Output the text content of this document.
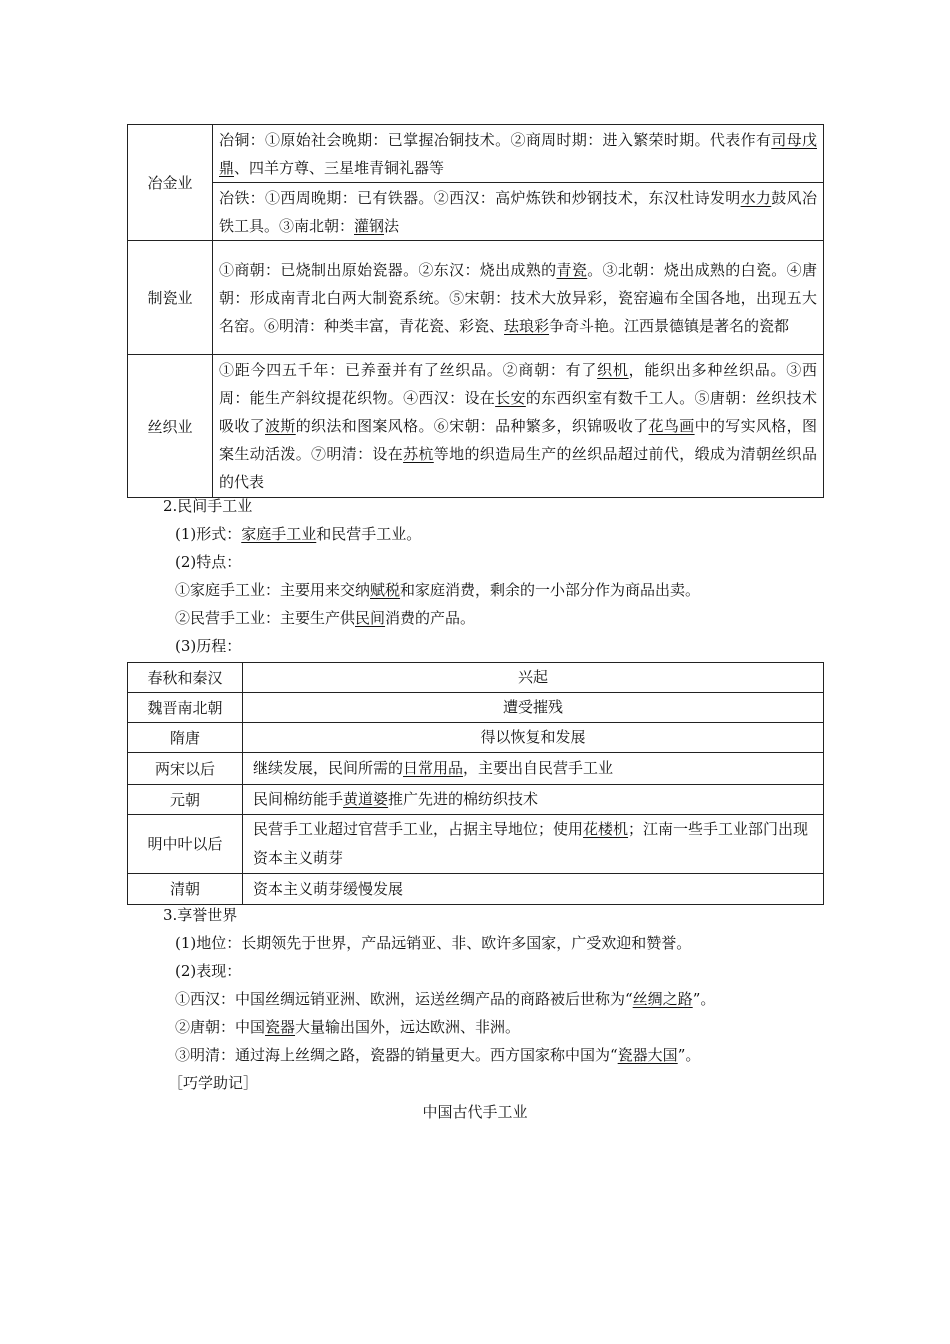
冶金业	冶铜：①原始社会晚期：已掌握冶铜技术。②商周时期：进入繁荣时期。代表作有司母戊鼎、四羊方尊、三星堆青铜礼器等
	冶铁：①西周晚期：已有铁器。②西汉：高炉炼铁和炒钢技术，东汉杜诗发明水力鼓风冶铁工具。③南北朝：灌钢法
制瓷业	①商朝：已烧制出原始瓷器。②东汉：烧出成熟的青瓷。③北朝：烧出成熟的白瓷。④唐朝：形成南青北白两大制瓷系统。⑤宋朝：技术大放异彩，瓷窑遍布全国各地，出现五大名窑。⑥明清：种类丰富，青花瓷、彩瓷、珐琅彩争奇斗艳。江西景德镇是著名的瓷都
丝织业	①距今四五千年：已养蚕并有了丝织品。②商朝：有了织机，能织出多种丝织品。③西周：能生产斜纹提花织物。④西汉：设在长安的东西织室有数千工人。⑤唐朝：丝织技术吸收了波斯的织法和图案风格。⑥宋朝：品种繁多，织锦吸收了花鸟画中的写实风格，图案生动活泼。⑦明清：设在苏杭等地的织造局生产的丝织品超过前代，缎成为清朝丝织品的代表
2.民间手工业
(1)形式：家庭手工业和民营手工业。
(2)特点：
①家庭手工业：主要用来交纳赋税和家庭消费，剩余的一小部分作为商品出卖。
②民营手工业：主要生产供民间消费的产品。
(3)历程：
春秋和秦汉	兴起
魏晋南北朝	遭受摧残
隋唐	得以恢复和发展
两宋以后	继续发展，民间所需的日常用品，主要出自民营手工业
元朝	民间棉纺能手黄道婆推广先进的棉纺织技术
明中叶以后	民营手工业超过官营手工业，占据主导地位；使用花楼机；江南一些手工业部门出现资本主义萌芽
清朝	资本主义萌芽缓慢发展
3.享誉世界
(1)地位：长期领先于世界，产品远销亚、非、欧许多国家，广受欢迎和赞誉。
(2)表现：
①西汉：中国丝绸远销亚洲、欧洲，运送丝绸产品的商路被后世称为“丝绸之路”。
②唐朝：中国瓷器大量输出国外，远达欧洲、非洲。
③明清：通过海上丝绸之路，瓷器的销量更大。西方国家称中国为“瓷器大国”。
［巧学助记］
中国古代手工业
